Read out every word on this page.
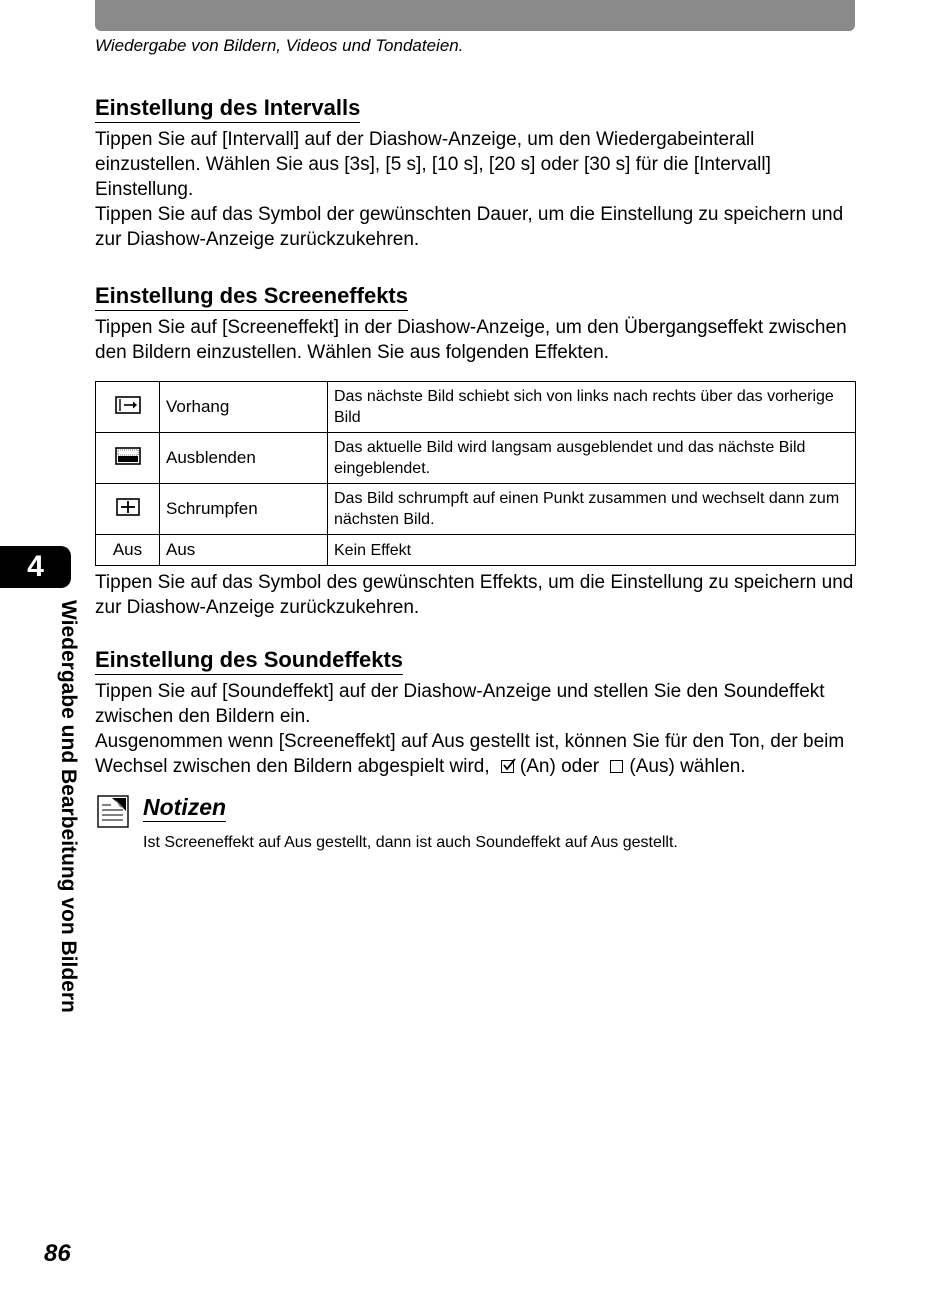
Wiedergabe von Bildern, Videos und Tondateien.
Einstellung des Intervalls

Tippen Sie auf [Intervall] auf der Diashow-Anzeige, um den Wiedergabeinterall einzustellen. Wählen Sie aus [3s], [5 s], [10 s], [20 s] oder [30 s] für die [Intervall] Einstellung.

Tippen Sie auf das Symbol der gewünschten Dauer, um die Einstellung zu speichern und zur Diashow-Anzeige zurückzukehren.

Einstellung des Screeneffekts

Tippen Sie auf [Screeneffekt] in der Diashow-Anzeige, um den Übergangseffekt zwischen den Bildern einzustellen. Wählen Sie aus folgenden Effekten.

	Vorhang	Das nächste Bild schiebt sich von links nach rechts über das vorherige Bild
	Ausblenden	Das aktuelle Bild wird langsam ausgeblendet und das nächste Bild eingeblendet.
	Schrumpfen	Das Bild schrumpft auf einen Punkt zusammen und wechselt dann zum nächsten Bild.
Aus	Aus	Kein Effekt

Tippen Sie auf das Symbol des gewünschten Effekts, um die Einstellung zu speichern und zur Diashow-Anzeige zurückzukehren.

Einstellung des Soundeffekts

Tippen Sie auf [Soundeffekt] auf der Diashow-Anzeige und stellen Sie den Soundeffekt zwischen den Bildern ein.

Ausgenommen wenn [Screeneffekt] auf Aus gestellt ist, können Sie für den Ton, der beim Wechsel zwischen den Bildern abgespielt wird, (An) oder (Aus) wählen.

Notizen
Ist Screeneffekt auf Aus gestellt, dann ist auch Soundeffekt auf Aus gestellt.
4
Wiedergabe und Bearbeitung von Bildern
86
